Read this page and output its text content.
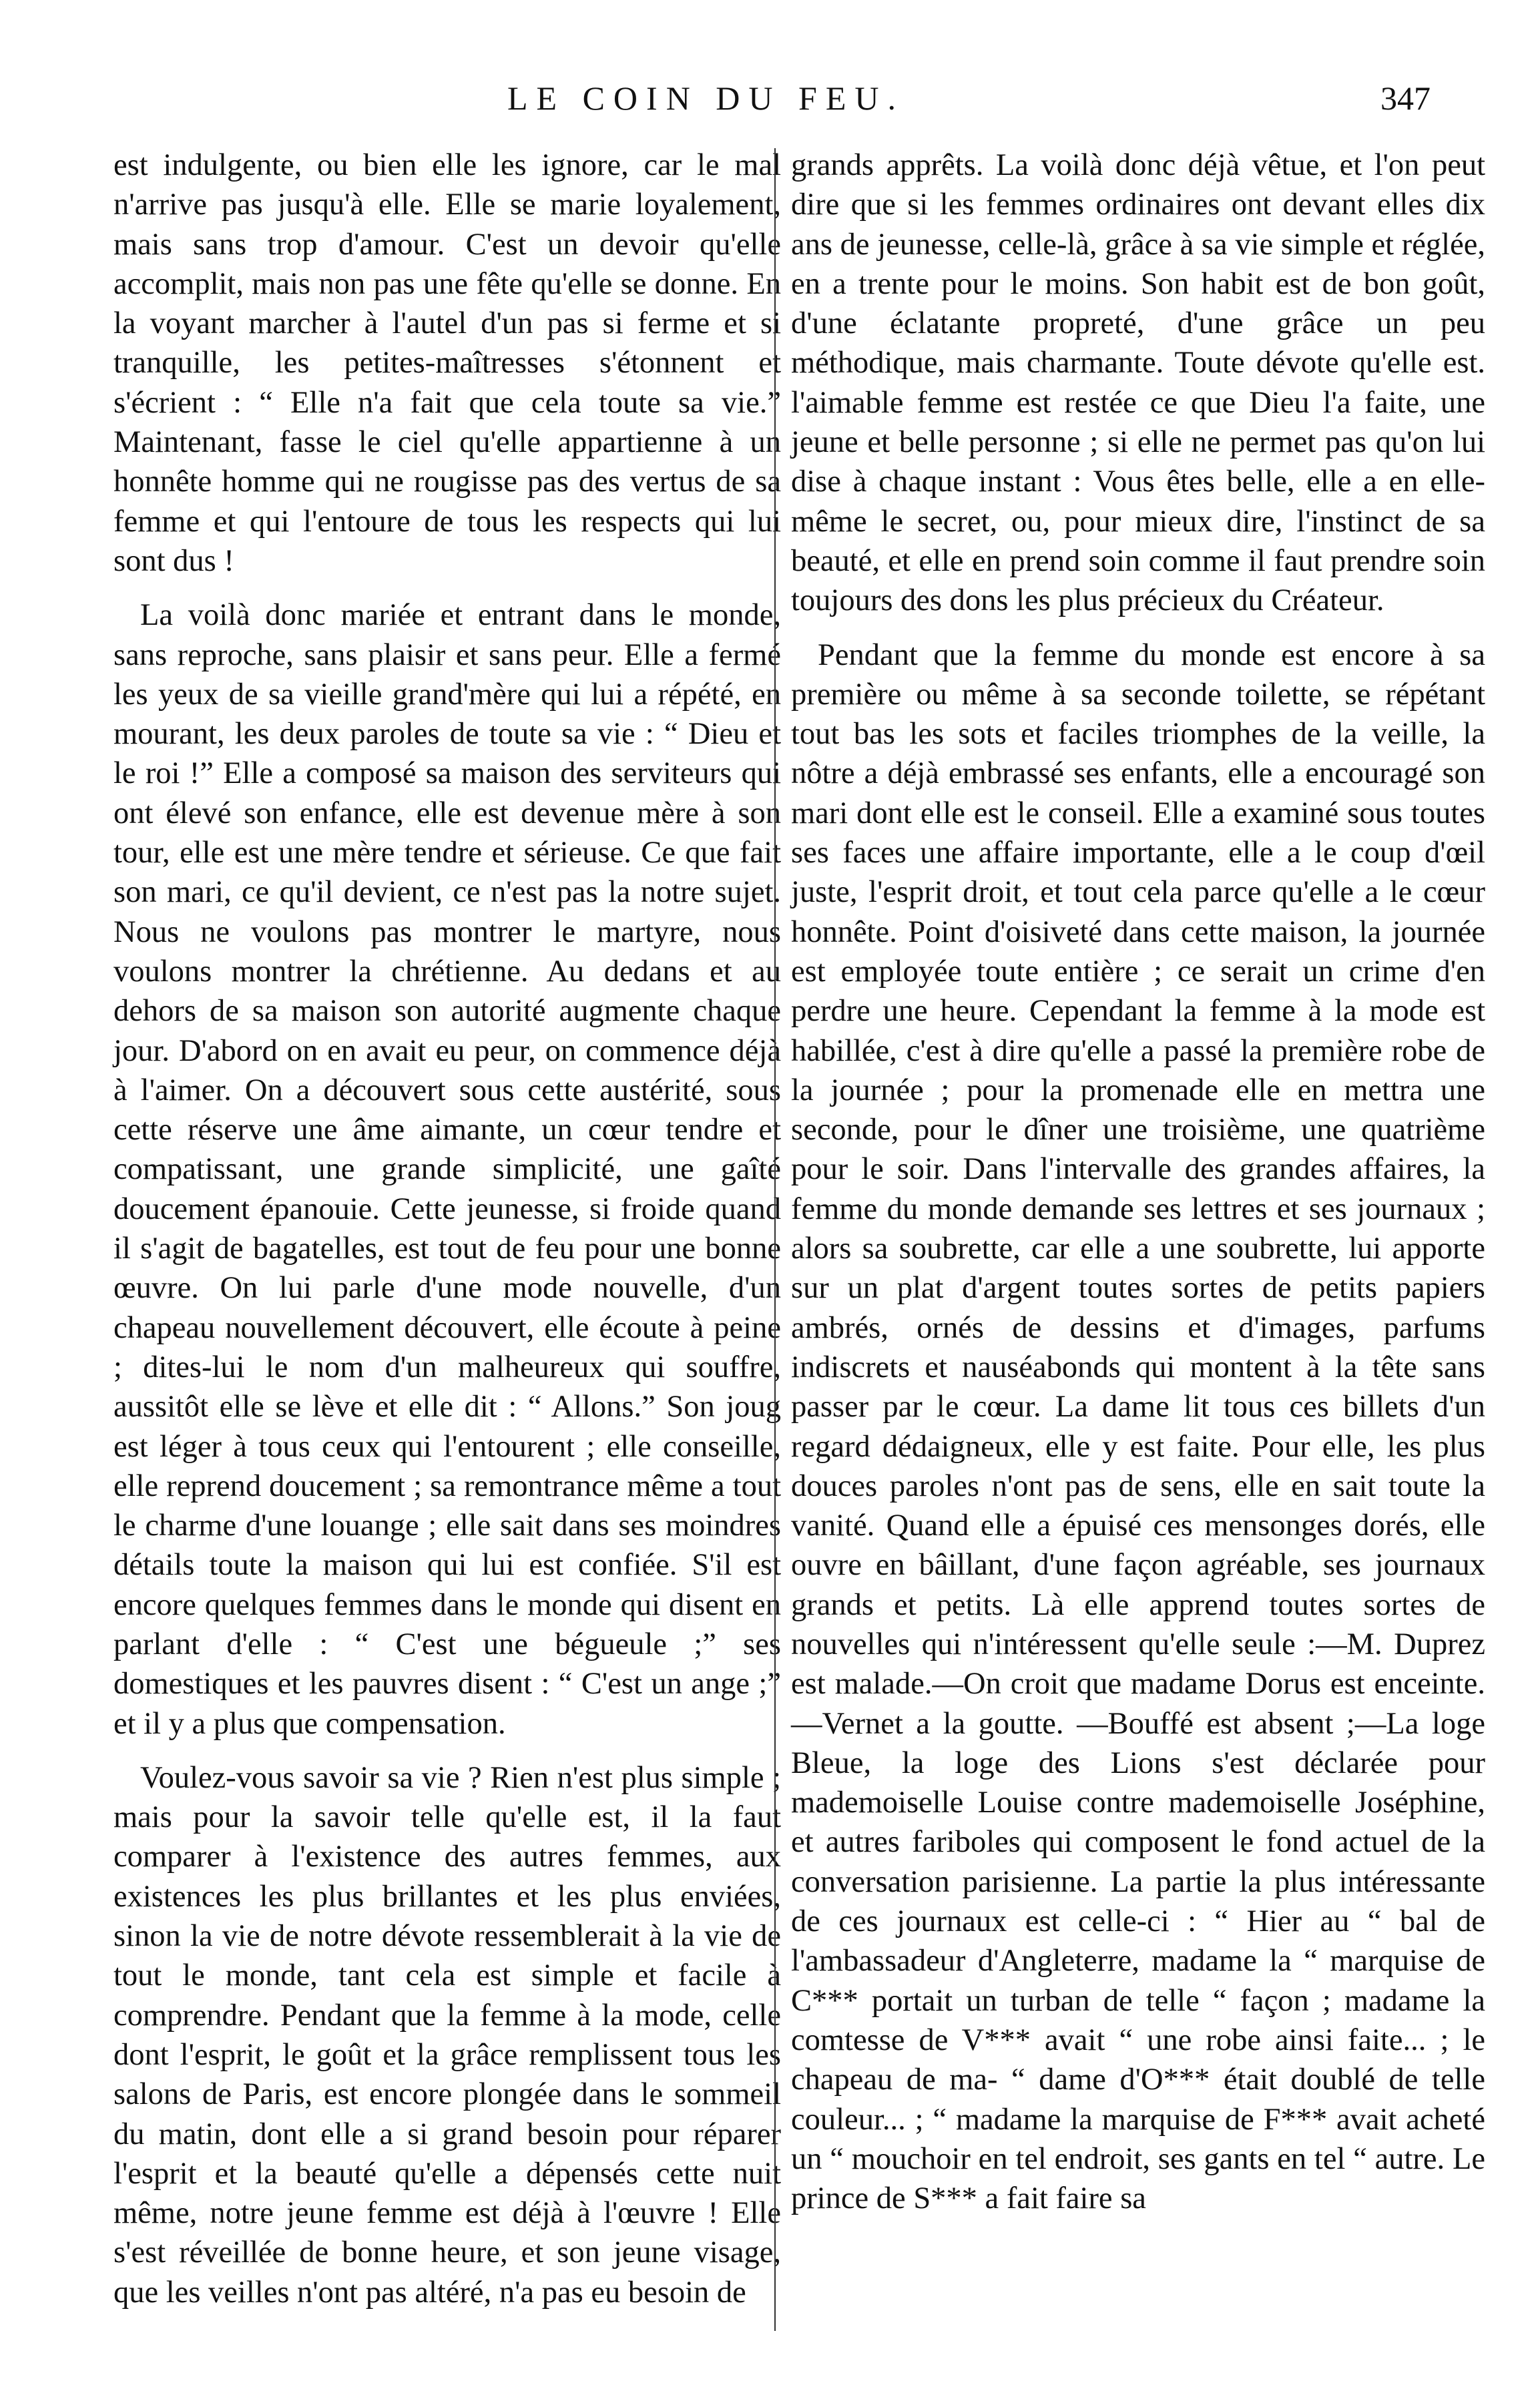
LE COIN DU FEU.	347

est indulgente, ou bien elle les ignore, car le mal n'arrive pas jusqu'à elle. Elle se marie loyalement, mais sans trop d'amour. C'est un devoir qu'elle accomplit, mais non pas une fête qu'elle se donne. En la voyant marcher à l'autel d'un pas si ferme et si tranquille, les petites-maîtresses s'étonnent et s'écrient : “ Elle n'a fait que cela toute sa vie.” Maintenant, fasse le ciel qu'elle appartienne à un honnête homme qui ne rougisse pas des vertus de sa femme et qui l'entoure de tous les respects qui lui sont dus !

La voilà donc mariée et entrant dans le monde, sans reproche, sans plaisir et sans peur. Elle a fermé les yeux de sa vieille grand'mère qui lui a répété, en mourant, les deux paroles de toute sa vie : “ Dieu et le roi !” Elle a composé sa maison des serviteurs qui ont élevé son enfance, elle est devenue mère à son tour, elle est une mère tendre et sérieuse. Ce que fait son mari, ce qu'il devient, ce n'est pas la notre sujet. Nous ne voulons pas montrer le martyre, nous voulons montrer la chrétienne. Au dedans et au dehors de sa maison son autorité augmente chaque jour. D'abord on en avait eu peur, on commence déjà à l'aimer. On a découvert sous cette austérité, sous cette réserve une âme aimante, un cœur tendre et compatissant, une grande simplicité, une gaîté doucement épanouie. Cette jeunesse, si froide quand il s'agit de bagatelles, est tout de feu pour une bonne œuvre. On lui parle d'une mode nouvelle, d'un chapeau nouvellement découvert, elle écoute à peine ; dites-lui le nom d'un malheureux qui souffre, aussitôt elle se lève et elle dit : “ Allons.” Son joug est léger à tous ceux qui l'entourent ; elle conseille, elle reprend doucement ; sa remontrance même a tout le charme d'une louange ; elle sait dans ses moindres détails toute la maison qui lui est confiée. S'il est encore quelques femmes dans le monde qui disent en parlant d'elle : “ C'est une bégueule ;” ses domestiques et les pauvres disent : “ C'est un ange ;” et il y a plus que compensation.

Voulez-vous savoir sa vie ? Rien n'est plus simple ; mais pour la savoir telle qu'elle est, il la faut comparer à l'existence des autres femmes, aux existences les plus brillantes et les plus enviées, sinon la vie de notre dévote ressemblerait à la vie de tout le monde, tant cela est simple et facile à comprendre. Pendant que la femme à la mode, celle dont l'esprit, le goût et la grâce remplissent tous les salons de Paris, est encore plongée dans le sommeil du matin, dont elle a si grand besoin pour réparer l'esprit et la beauté qu'elle a dépensés cette nuit même, notre jeune femme est déjà à l'œuvre ! Elle s'est réveillée de bonne heure, et son jeune visage, que les veilles n'ont pas altéré, n'a pas eu besoin de

grands apprêts. La voilà donc déjà vêtue, et l'on peut dire que si les femmes ordinaires ont devant elles dix ans de jeunesse, celle-là, grâce à sa vie simple et réglée, en a trente pour le moins. Son habit est de bon goût, d'une éclatante propreté, d'une grâce un peu méthodique, mais charmante. Toute dévote qu'elle est. l'aimable femme est restée ce que Dieu l'a faite, une jeune et belle personne ; si elle ne permet pas qu'on lui dise à chaque instant : Vous êtes belle, elle a en elle-même le secret, ou, pour mieux dire, l'instinct de sa beauté, et elle en prend soin comme il faut prendre soin toujours des dons les plus précieux du Créateur.

Pendant que la femme du monde est encore à sa première ou même à sa seconde toilette, se répétant tout bas les sots et faciles triomphes de la veille, la nôtre a déjà embrassé ses enfants, elle a encouragé son mari dont elle est le conseil. Elle a examiné sous toutes ses faces une affaire importante, elle a le coup d'œil juste, l'esprit droit, et tout cela parce qu'elle a le cœur honnête. Point d'oisiveté dans cette maison, la journée est employée toute entière ; ce serait un crime d'en perdre une heure. Cependant la femme à la mode est habillée, c'est à dire qu'elle a passé la première robe de la journée ; pour la promenade elle en mettra une seconde, pour le dîner une troisième, une quatrième pour le soir. Dans l'intervalle des grandes affaires, la femme du monde demande ses lettres et ses journaux ; alors sa soubrette, car elle a une soubrette, lui apporte sur un plat d'argent toutes sortes de petits papiers ambrés, ornés de dessins et d'images, parfums indiscrets et nauséabonds qui montent à la tête sans passer par le cœur. La dame lit tous ces billets d'un regard dédaigneux, elle y est faite. Pour elle, les plus douces paroles n'ont pas de sens, elle en sait toute la vanité. Quand elle a épuisé ces mensonges dorés, elle ouvre en bâillant, d'une façon agréable, ses journaux grands et petits. Là elle apprend toutes sortes de nouvelles qui n'intéressent qu'elle seule :—M. Duprez est malade.—On croit que madame Dorus est enceinte.—Vernet a la goutte. —Bouffé est absent ;—La loge Bleue, la loge des Lions s'est déclarée pour mademoiselle Louise contre mademoiselle Joséphine, et autres fariboles qui composent le fond actuel de la conversation parisienne. La partie la plus intéressante de ces journaux est celle-ci : “ Hier au “ bal de l'ambassadeur d'Angleterre, madame la “ marquise de C*** portait un turban de telle “ façon ; madame la comtesse de V*** avait “ une robe ainsi faite... ; le chapeau de ma- “ dame d'O*** était doublé de telle couleur... ; “ madame la marquise de F*** avait acheté un “ mouchoir en tel endroit, ses gants en tel “ autre. Le prince de S*** a fait faire sa
